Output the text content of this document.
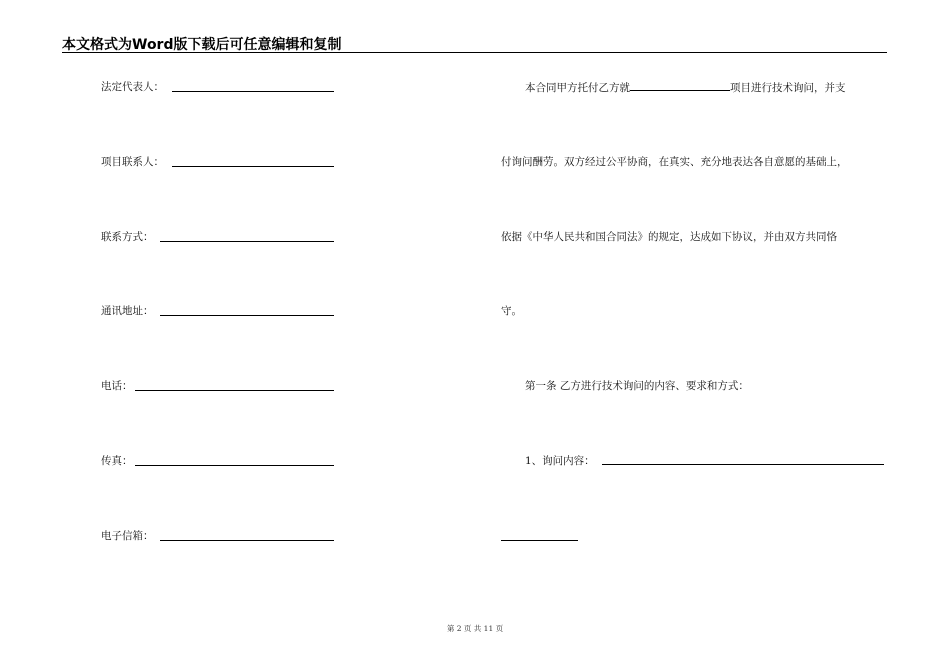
本文格式为Word版下载后可任意编辑和复制
法定代表人：
项目联系人：
联系方式：
通讯地址：
电话：
传真：
电子信箱：
本合同甲方托付乙方就	项目进行技术询问，并支
付询问酬劳。双方经过公平协商，在真实、充分地表达各自意愿的基础上，
依据《中华人民共和国合同法》的规定，达成如下协议，并由双方共同恪
守。
第一条 乙方进行技术询问的内容、要求和方式：
1、询问内容：
第 2 页 共 11 页
